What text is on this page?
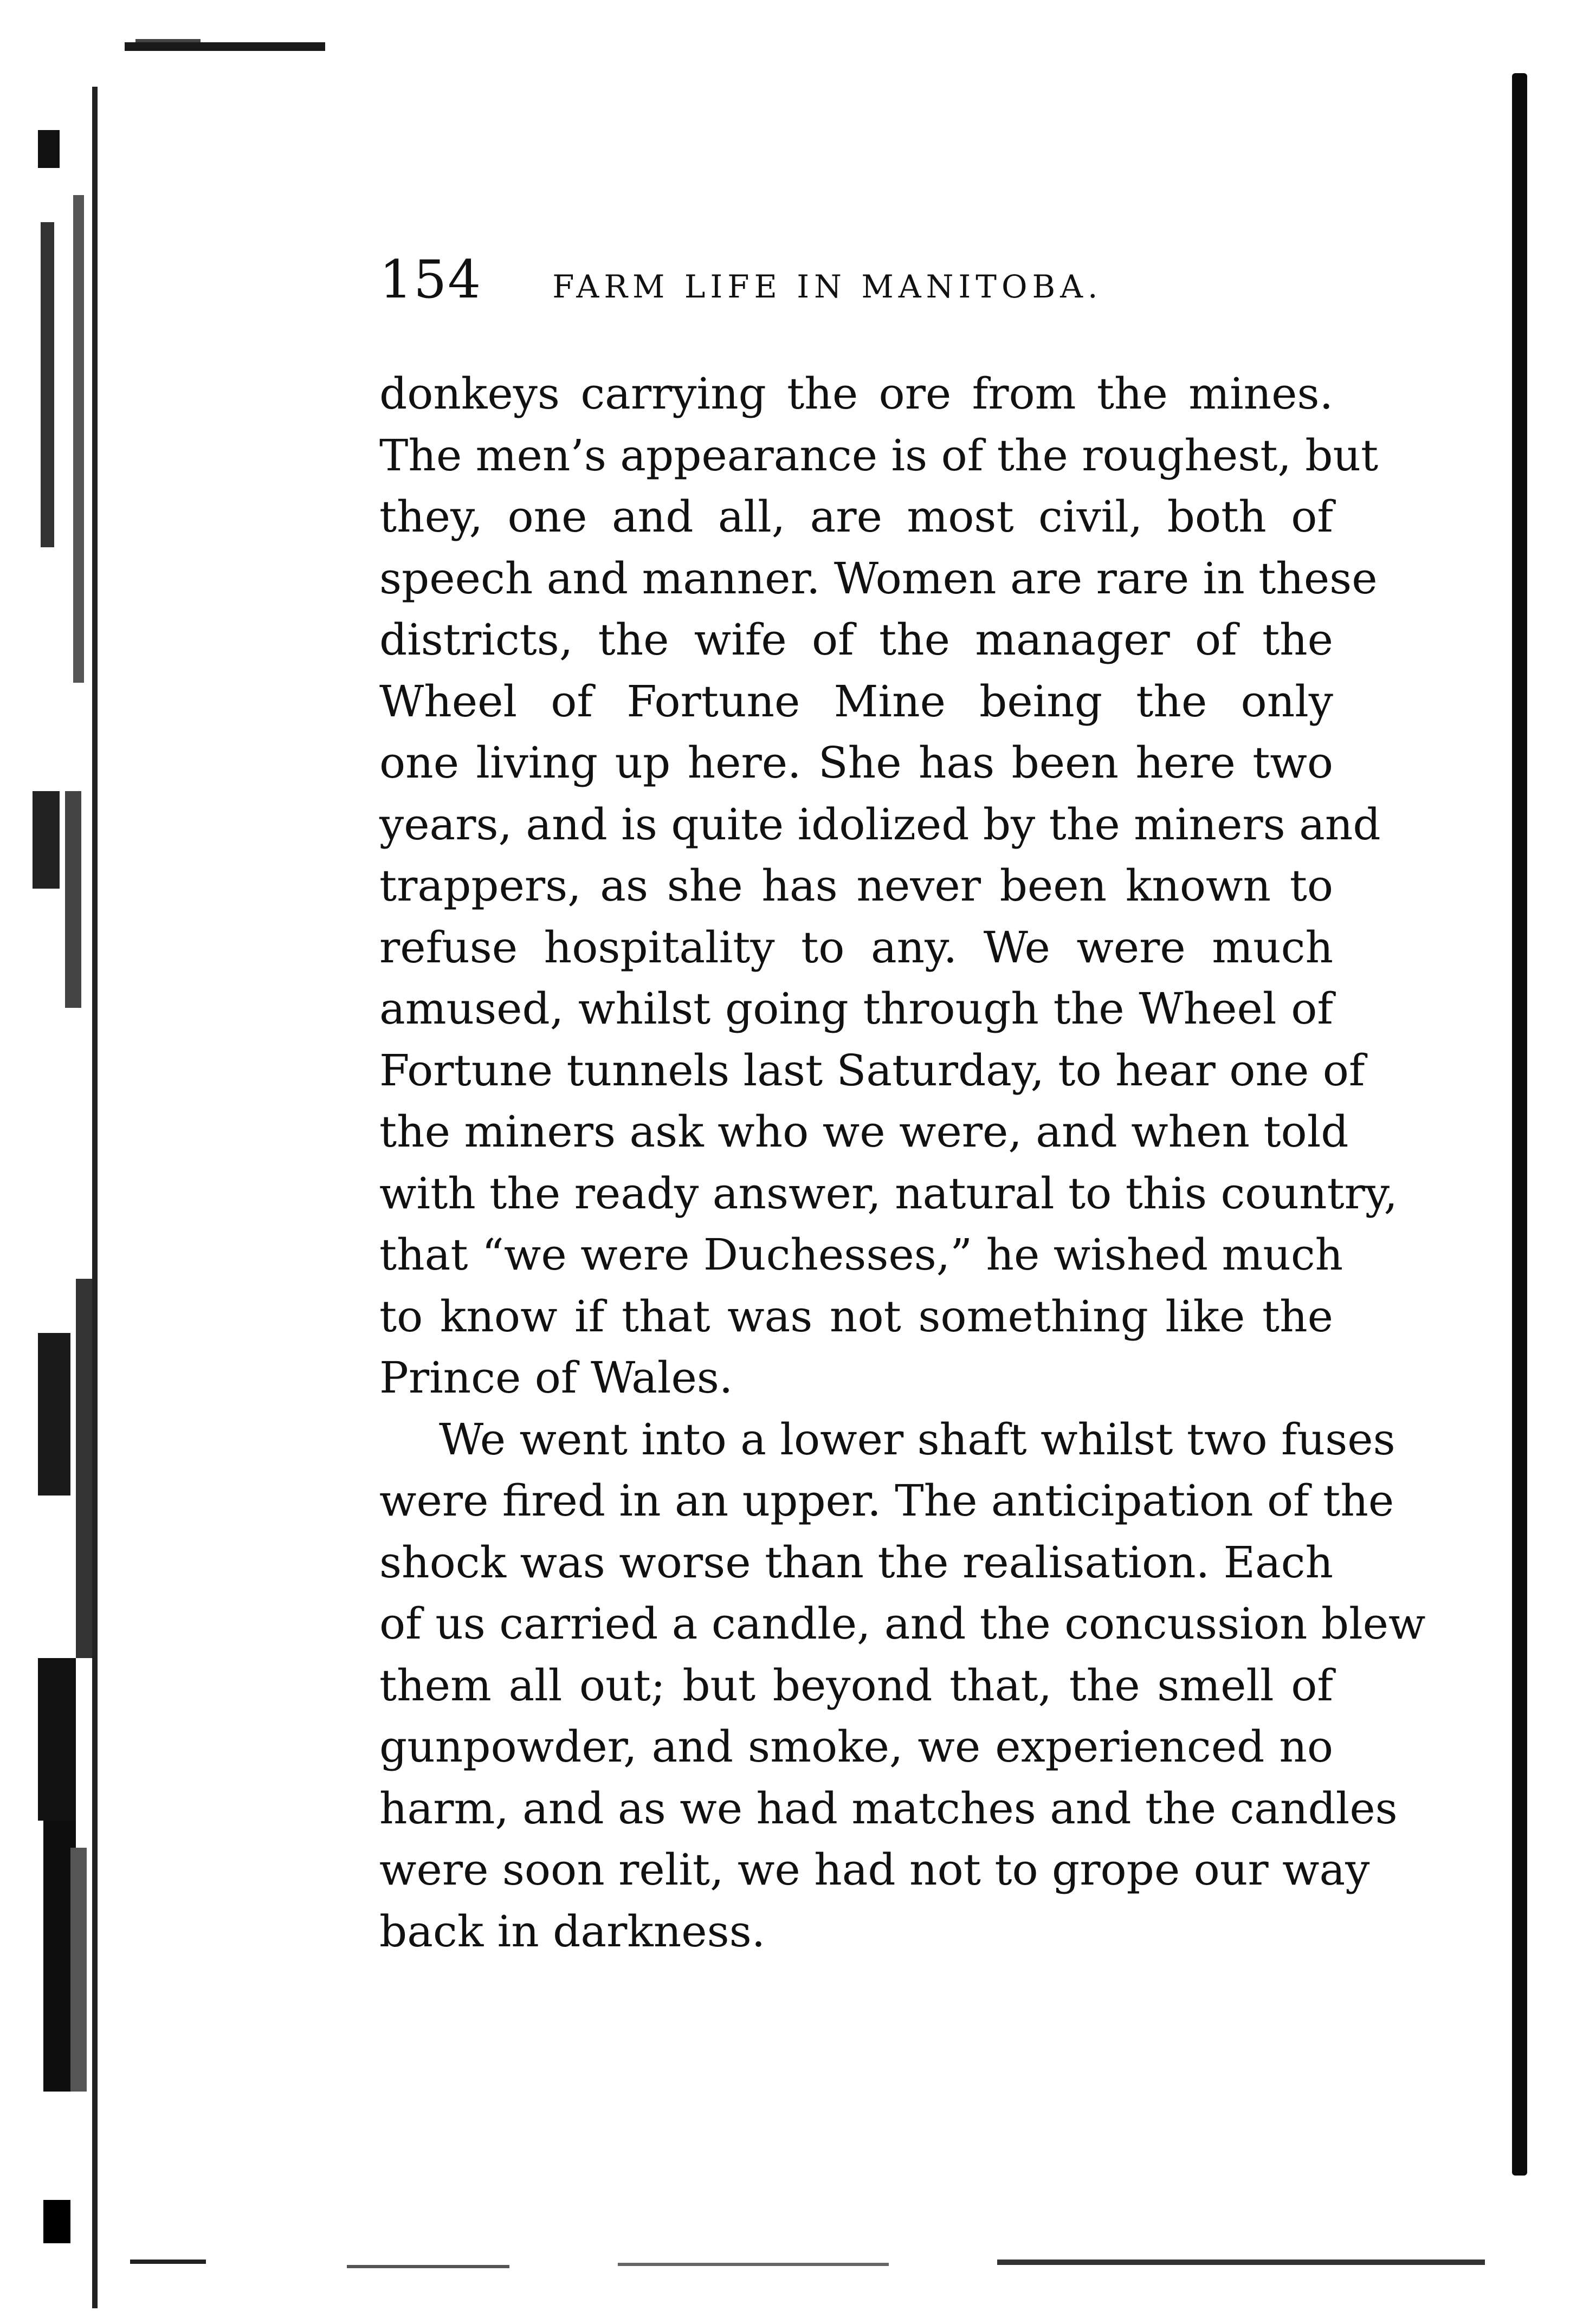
154 FARM LIFE IN MANITOBA.

donkeys carrying the ore from the mines.
The men’s appearance is of the roughest, but
they, one and all, are most civil, both of
speech and manner. Women are rare in these
districts, the wife of the manager of the
Wheel of Fortune Mine being the only
one living up here. She has been here two
years, and is quite idolized by the miners and
trappers, as she has never been known to
refuse hospitality to any. We were much
amused, whilst going through the Wheel of
Fortune tunnels last Saturday, to hear one of
the miners ask who we were, and when told
with the ready answer, natural to this country,
that “we were Duchesses,” he wished much
to know if that was not something like the
Prince of Wales.

We went into a lower shaft whilst two fuses
were fired in an upper. The anticipation of the
shock was worse than the realisation. Each
of us carried a candle, and the concussion blew
them all out; but beyond that, the smell of
gunpowder, and smoke, we experienced no
harm, and as we had matches and the candles
were soon relit, we had not to grope our way
back in darkness.
